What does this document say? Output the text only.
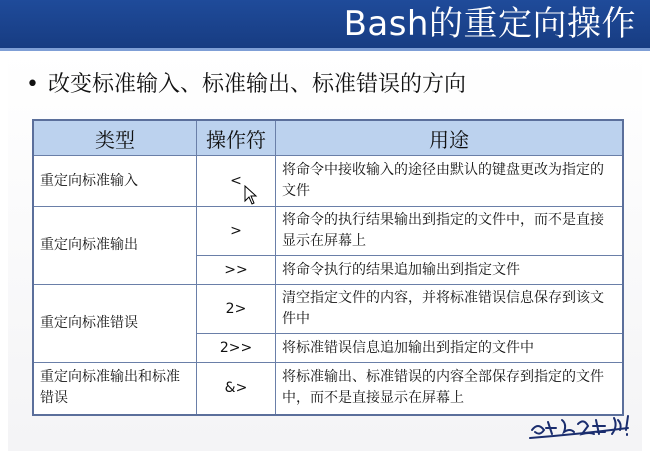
Bash的重定向操作
• 改变标准输入、标准输出、标准错误的方向
类型	操作符	用途
重定向标准输入	<	将命令中接收输入的途径由默认的键盘更改为指定的文件
重定向标准输出	>	将命令的执行结果输出到指定的文件中，而不是直接显示在屏幕上
	>>	将命令执行的结果追加输出到指定文件
重定向标准错误	2>	清空指定文件的内容，并将标准错误信息保存到该文件中
	2>>	将标准错误信息追加输出到指定的文件中
重定向标准输出和标准错误	&>	将标准输出、标准错误的内容全部保存到指定的文件中，而不是直接显示在屏幕上
